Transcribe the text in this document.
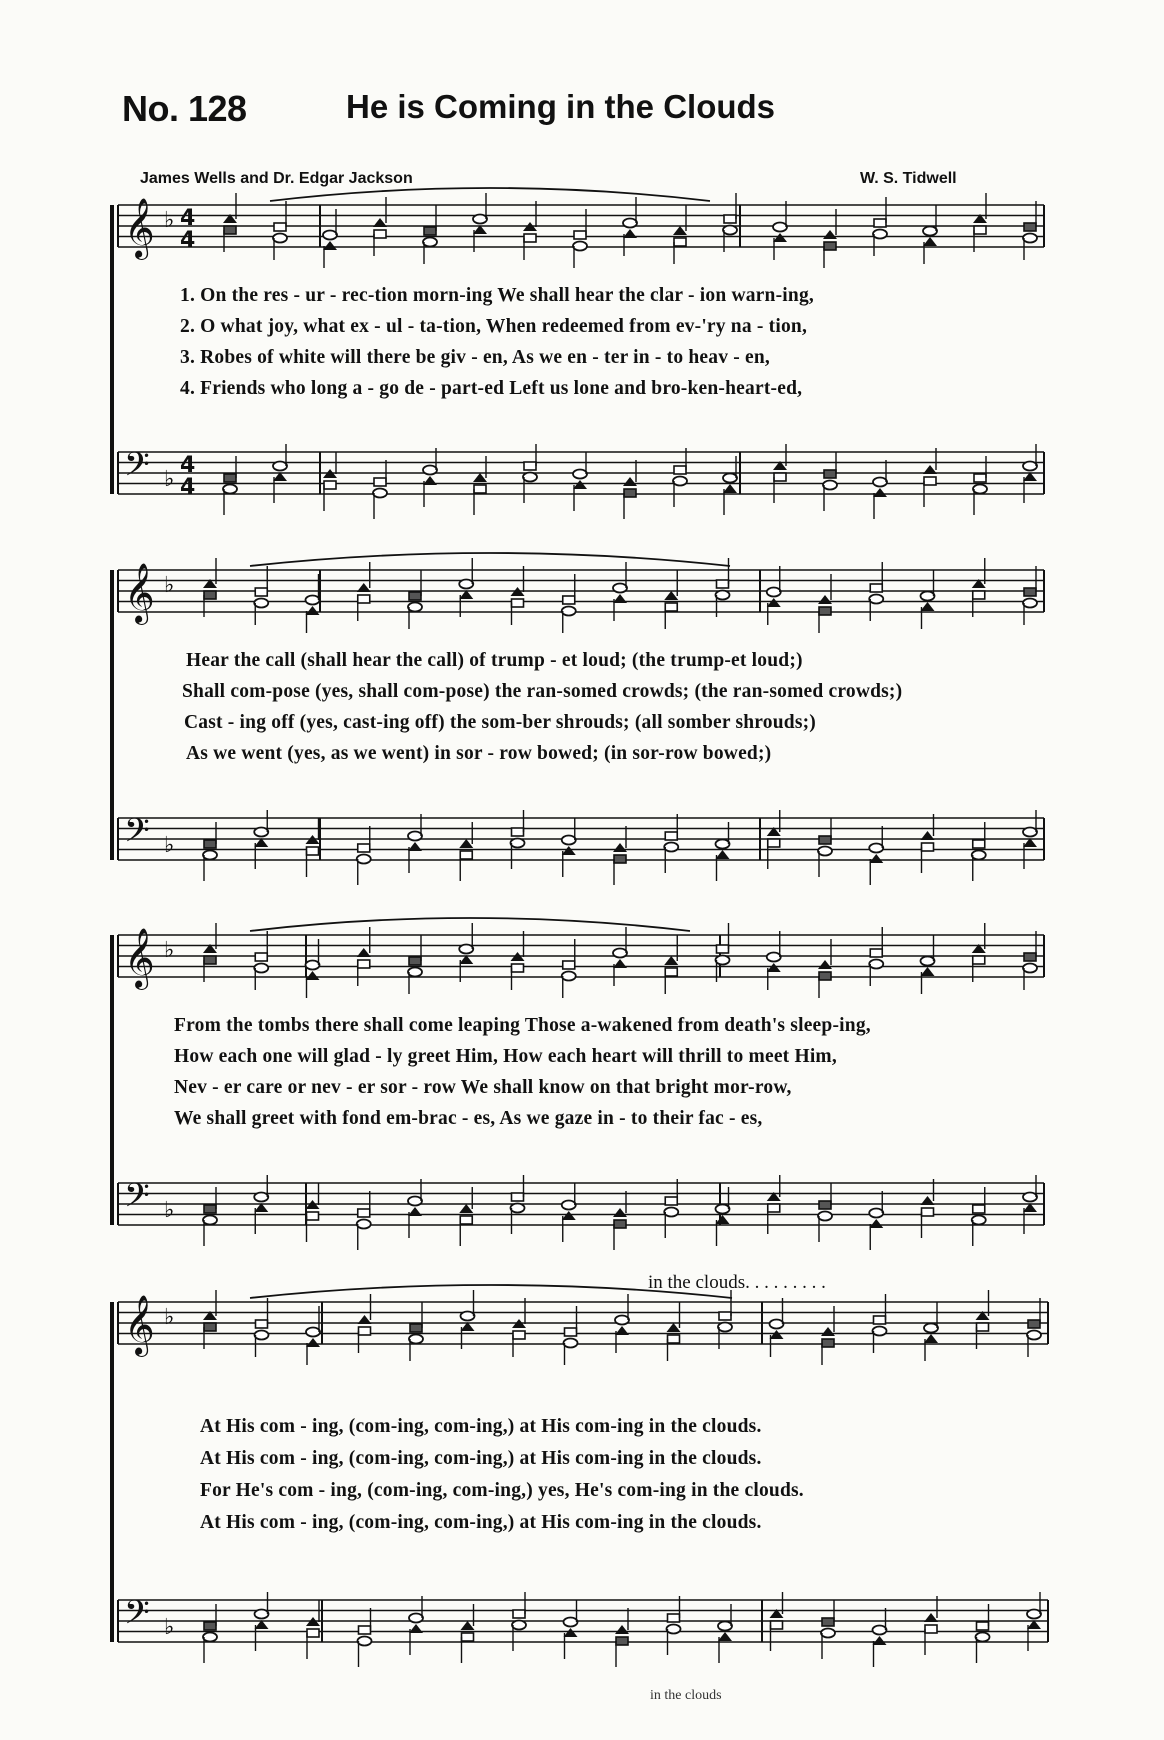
No. 128	He is Coming in the Clouds
James Wells and Dr. Edgar Jackson	W. S. Tidwell
𝄞 ♭ 4
4
𝄢 ♭
4
4
𝄞 ♭
𝄢 ♭
𝄞 ♭
𝄢 ♭
𝄞 ♭
𝄢 ♭
1. On the res - ur - rec-tion morn-ing We shall hear the clar - ion warn-ing,
2. O what joy, what ex - ul - ta-tion, When redeemed from ev-'ry na - tion,
3. Robes of white will there be giv - en, As we en - ter in - to heav - en,
4. Friends who long a - go de - part-ed Left us lone and bro-ken-heart-ed,
Hear the call (shall hear the call) of trump - et loud; (the trump-et loud;)
Shall com-pose (yes, shall com-pose) the ran-somed crowds; (the ran-somed crowds;)
Cast - ing off (yes, cast-ing off) the som-ber shrouds; (all somber shrouds;)
As we went (yes, as we went) in sor - row bowed; (in sor-row bowed;)
From the tombs there shall come leaping Those a-wakened from death's sleep-ing,
How each one will glad - ly greet Him, How each heart will thrill to meet Him,
Nev - er care or nev - er sor - row We shall know on that bright mor-row,
We shall greet with fond em-brac - es, As we gaze in - to their fac - es,
in the clouds. . . . . . . . .
At His com - ing, (com-ing, com-ing,) at His com-ing in the clouds.
At His com - ing, (com-ing, com-ing,) at His com-ing in the clouds.
For He's com - ing, (com-ing, com-ing,) yes, He's com-ing in the clouds.
At His com - ing, (com-ing, com-ing,) at His com-ing in the clouds.
in the clouds
